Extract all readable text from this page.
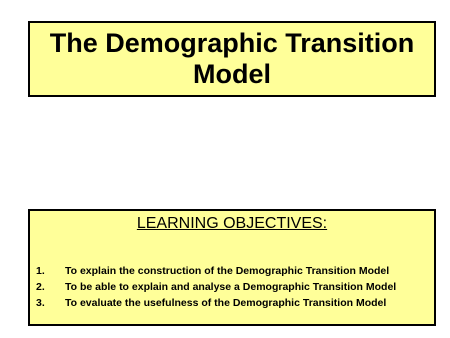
The Demographic Transition Model
LEARNING OBJECTIVES:
1.	To explain the construction of the Demographic Transition Model
2.	To be able to explain and analyse a Demographic Transition Model
3.	To evaluate the usefulness of the Demographic Transition Model
